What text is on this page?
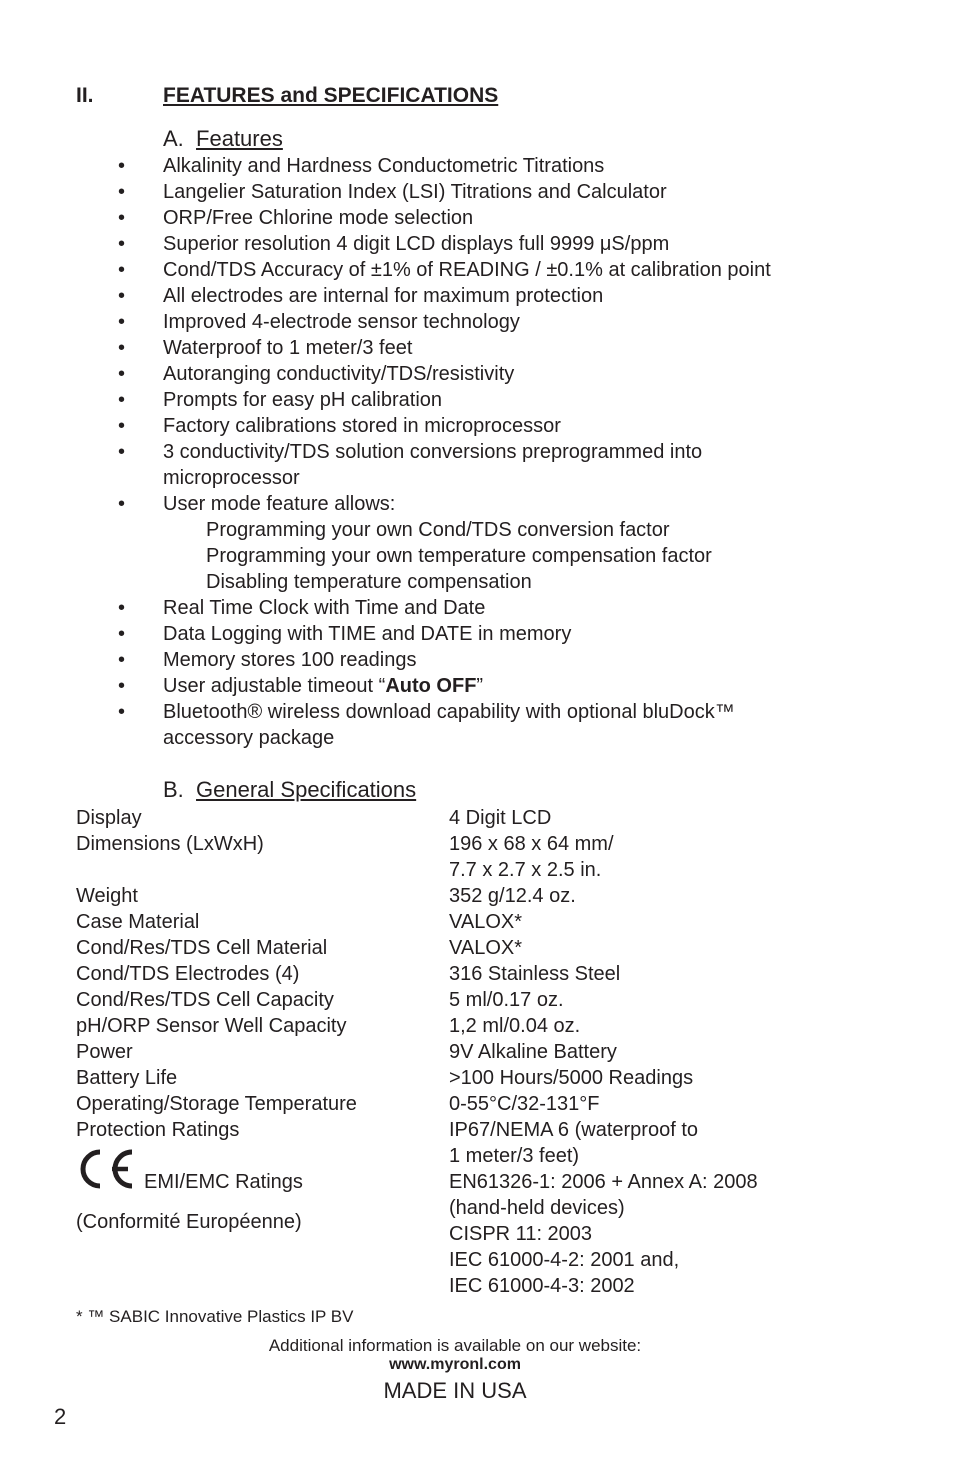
II.	FEATURES and SPECIFICATIONS
A. Features
•
•
•
•
•
•
•
•
•
•
•
•
•
•
•
•
•
•
Alkalinity and Hardness Conductometric Titrations
Langelier Saturation Index (LSI) Titrations and Calculator
ORP/Free Chlorine mode selection
Superior resolution 4 digit LCD displays full 9999 μS/ppm
Cond/TDS Accuracy of ±1% of READING / ±0.1% at calibration point
All electrodes are internal for maximum protection
Improved 4-electrode sensor technology
Waterproof to 1 meter/3 feet
Autoranging conductivity/TDS/resistivity
Prompts for easy pH calibration
Factory calibrations stored in microprocessor
3 conductivity/TDS solution conversions preprogrammed into
microprocessor
User mode feature allows:
Programming your own Cond/TDS conversion factor
Programming your own temperature compensation factor
Disabling temperature compensation
Real Time Clock with Time and Date
Data Logging with TIME and DATE in memory
Memory stores 100 readings
User adjustable timeout “Auto OFF”
Bluetooth® wireless download capability with optional bluDock™
accessory package
B. General Specifications
Display
Dimensions (LxWxH)
Weight
Case Material
Cond/Res/TDS Cell Material
Cond/TDS Electrodes (4)
Cond/Res/TDS Cell Capacity
pH/ORP Sensor Well Capacity
Power
Battery Life
Operating/Storage Temperature
Protection Ratings
EMI/EMC Ratings
(Conformité Européenne)
4 Digit LCD
196 x 68 x 64 mm/
7.7 x 2.7 x 2.5 in.
352 g/12.4 oz.
VALOX*
VALOX*
316 Stainless Steel
5 ml/0.17 oz.
1,2 ml/0.04 oz.
9V Alkaline Battery
>100 Hours/5000 Readings
0-55°C/32-131°F
IP67/NEMA 6 (waterproof to
1 meter/3 feet)
EN61326-1: 2006 + Annex A: 2008
(hand-held devices)
CISPR 11: 2003
IEC 61000-4-2: 2001 and,
IEC 61000-4-3: 2002
* ™ SABIC Innovative Plastics IP BV
Additional information is available on our website:
www.myronl.com
MADE IN USA
2
